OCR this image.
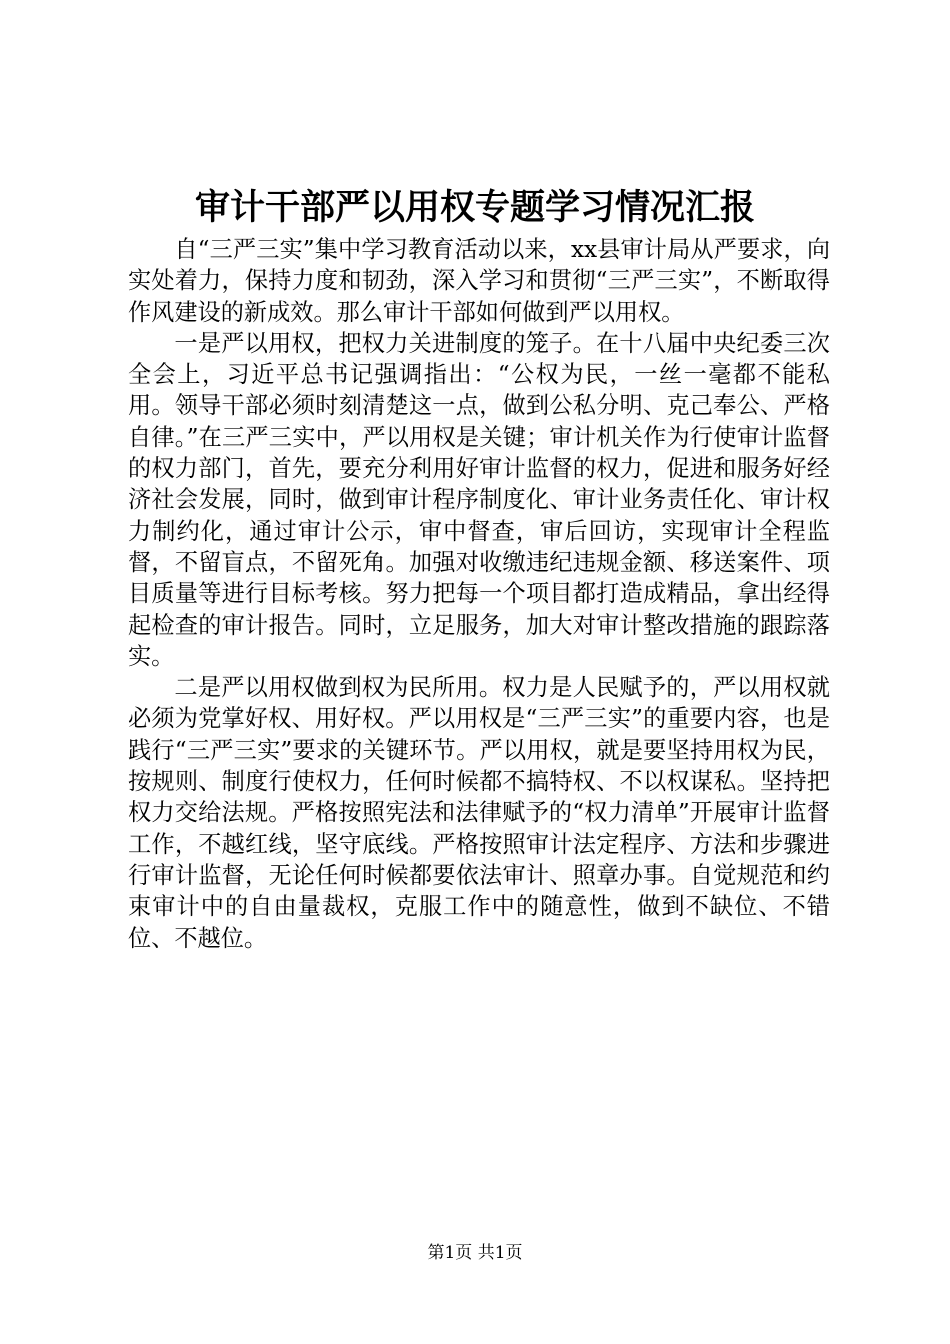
审计干部严以用权专题学习情况汇报

自“三严三实”集中学习教育活动以来，xx县审计局从严要求，向实处着力，保持力度和韧劲，深入学习和贯彻“三严三实”，不断取得作风建设的新成效。那么审计干部如何做到严以用权。

一是严以用权，把权力关进制度的笼子。在十八届中央纪委三次全会上，习近平总书记强调指出：“公权为民，一丝一毫都不能私用。领导干部必须时刻清楚这一点，做到公私分明、克己奉公、严格自律。”在三严三实中，严以用权是关键；审计机关作为行使审计监督的权力部门，首先，要充分利用好审计监督的权力，促进和服务好经济社会发展，同时，做到审计程序制度化、审计业务责任化、审计权力制约化，通过审计公示，审中督查，审后回访，实现审计全程监督，不留盲点，不留死角。加强对收缴违纪违规金额、移送案件、项目质量等进行目标考核。努力把每一个项目都打造成精品，拿出经得起检查的审计报告。同时，立足服务，加大对审计整改措施的跟踪落实。

二是严以用权做到权为民所用。权力是人民赋予的，严以用权就必须为党掌好权、用好权。严以用权是“三严三实”的重要内容，也是践行“三严三实”要求的关键环节。严以用权，就是要坚持用权为民，按规则、制度行使权力，任何时候都不搞特权、不以权谋私。坚持把权力交给法规。严格按照宪法和法律赋予的“权力清单”开展审计监督工作，不越红线，坚守底线。严格按照审计法定程序、方法和步骤进行审计监督，无论任何时候都要依法审计、照章办事。自觉规范和约束审计中的自由量裁权，克服工作中的随意性，做到不缺位、不错位、不越位。

第1页 共1页
